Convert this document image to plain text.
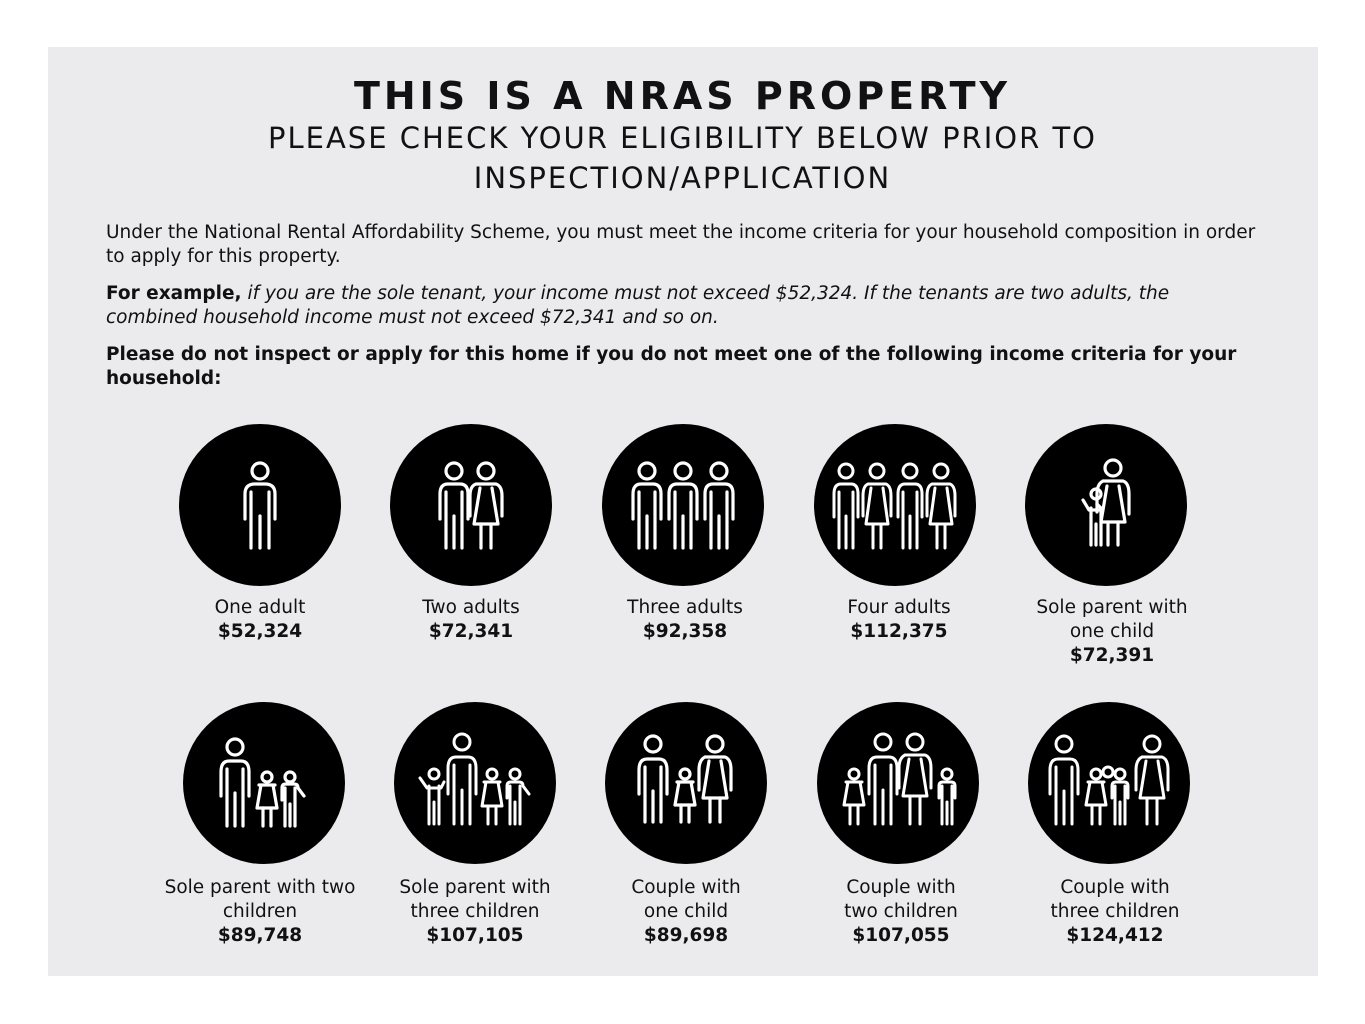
THIS IS A NRAS PROPERTY
PLEASE CHECK YOUR ELIGIBILITY BELOW PRIOR TO
INSPECTION/APPLICATION
Under the National Rental Affordability Scheme, you must meet the income criteria for your household composition in order to apply for this property.
For example, if you are the sole tenant, your income must not exceed $52,324. If the tenants are two adults, the combined household income must not exceed $72,341 and so on.
Please do not inspect or apply for this home if you do not meet one of the following income criteria for your household:
One adult
$52,324
Two adults
$72,341
Three adults
$92,358
Four adults
$112,375
Sole parent with
one child
$72,391
Sole parent with two
children
$89,748
Sole parent with
three children
$107,105
Couple with
one child
$89,698
Couple with
two children
$107,055
Couple with
three children
$124,412
